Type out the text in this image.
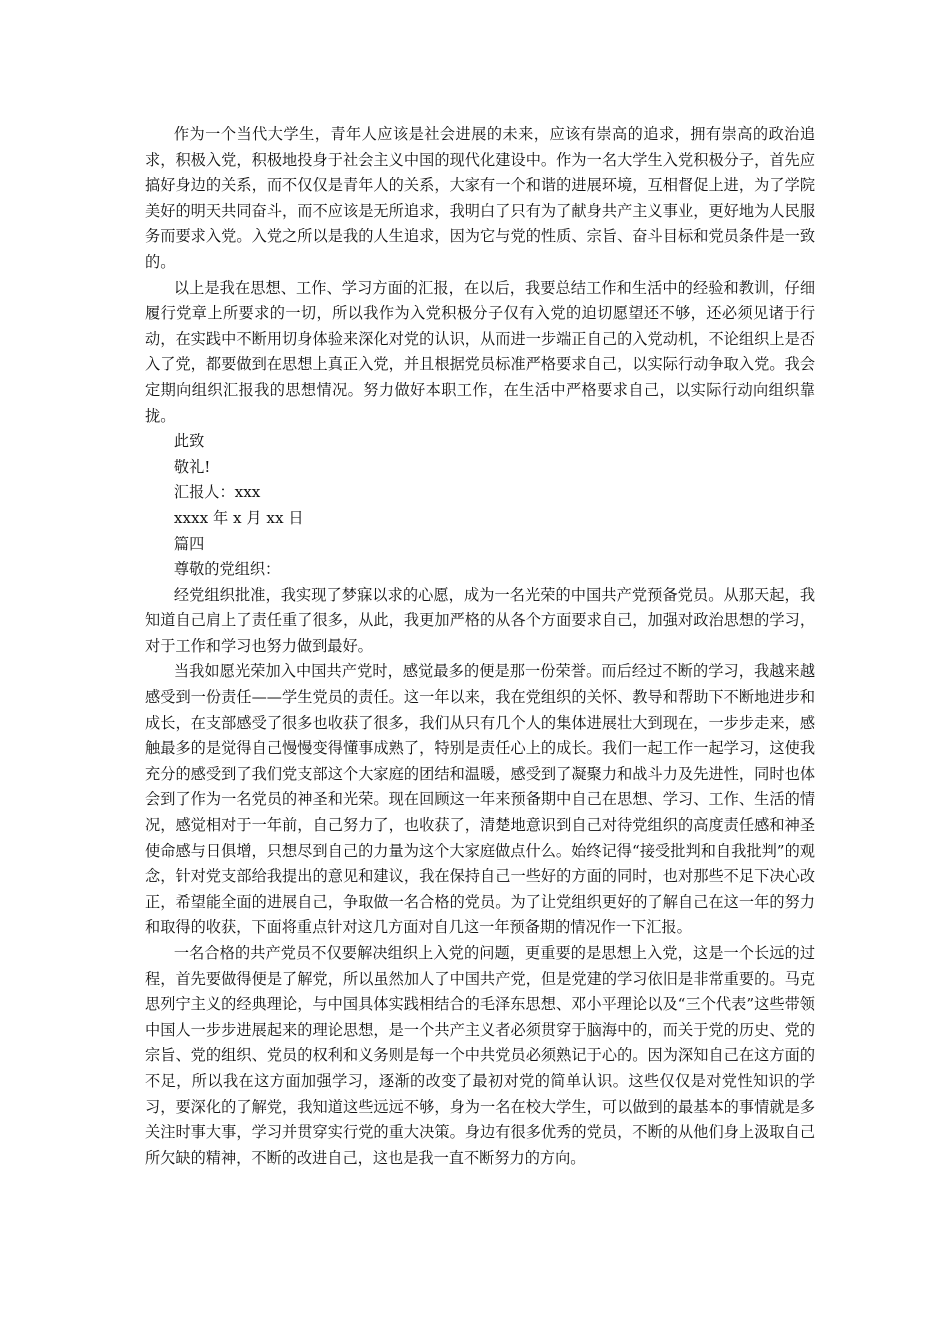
作为一个当代大学生，青年人应该是社会进展的未来，应该有崇高的追求，拥有崇高的政治追求，积极入党，积极地投身于社会主义中国的现代化建设中。作为一名大学生入党积极分子，首先应搞好身边的关系，而不仅仅是青年人的关系，大家有一个和谐的进展环境，互相督促上进，为了学院美好的明天共同奋斗，而不应该是无所追求，我明白了只有为了献身共产主义事业，更好地为人民服务而要求入党。入党之所以是我的人生追求，因为它与党的性质、宗旨、奋斗目标和党员条件是一致的。

以上是我在思想、工作、学习方面的汇报，在以后，我要总结工作和生活中的经验和教训，仔细履行党章上所要求的一切，所以我作为入党积极分子仅有入党的迫切愿望还不够，还必须见诸于行动，在实践中不断用切身体验来深化对党的认识，从而进一步端正自己的入党动机，不论组织上是否入了党，都要做到在思想上真正入党，并且根据党员标准严格要求自己，以实际行动争取入党。我会定期向组织汇报我的思想情况。努力做好本职工作，在生活中严格要求自己，以实际行动向组织靠拢。

此致

敬礼!

汇报人：xxx

xxxx 年 x 月 xx 日

篇四

尊敬的党组织：

经党组织批准，我实现了梦寐以求的心愿，成为一名光荣的中国共产党预备党员。从那天起，我知道自己肩上了责任重了很多，从此，我更加严格的从各个方面要求自己，加强对政治思想的学习，对于工作和学习也努力做到最好。

当我如愿光荣加入中国共产党时，感觉最多的便是那一份荣誉。而后经过不断的学习，我越来越感受到一份责任——学生党员的责任。这一年以来，我在党组织的关怀、教导和帮助下不断地进步和成长，在支部感受了很多也收获了很多，我们从只有几个人的集体进展壮大到现在，一步步走来，感触最多的是觉得自己慢慢变得懂事成熟了，特别是责任心上的成长。我们一起工作一起学习，这使我充分的感受到了我们党支部这个大家庭的团结和温暖，感受到了凝聚力和战斗力及先进性，同时也体会到了作为一名党员的神圣和光荣。现在回顾这一年来预备期中自己在思想、学习、工作、生活的情况，感觉相对于一年前，自己努力了，也收获了，清楚地意识到自己对待党组织的高度责任感和神圣使命感与日俱增，只想尽到自己的力量为这个大家庭做点什么。始终记得“接受批判和自我批判”的观念，针对党支部给我提出的意见和建议，我在保持自己一些好的方面的同时，也对那些不足下决心改正，希望能全面的进展自己，争取做一名合格的党员。为了让党组织更好的了解自己在这一年的努力和取得的收获，下面将重点针对这几方面对自几这一年预备期的情况作一下汇报。

一名合格的共产党员不仅要解决组织上入党的问题，更重要的是思想上入党，这是一个长远的过程，首先要做得便是了解党，所以虽然加人了中国共产党，但是党建的学习依旧是非常重要的。马克思列宁主义的经典理论，与中国具体实践相结合的毛泽东思想、邓小平理论以及“三个代表”这些带领中国人一步步进展起来的理论思想，是一个共产主义者必须贯穿于脑海中的，而关于党的历史、党的宗旨、党的组织、党员的权利和义务则是每一个中共党员必须熟记于心的。因为深知自己在这方面的不足，所以我在这方面加强学习，逐渐的改变了最初对党的简单认识。这些仅仅是对党性知识的学习，要深化的了解党，我知道这些远远不够，身为一名在校大学生，可以做到的最基本的事情就是多关注时事大事，学习并贯穿实行党的重大决策。身边有很多优秀的党员，不断的从他们身上汲取自己所欠缺的精神，不断的改进自己，这也是我一直不断努力的方向。
